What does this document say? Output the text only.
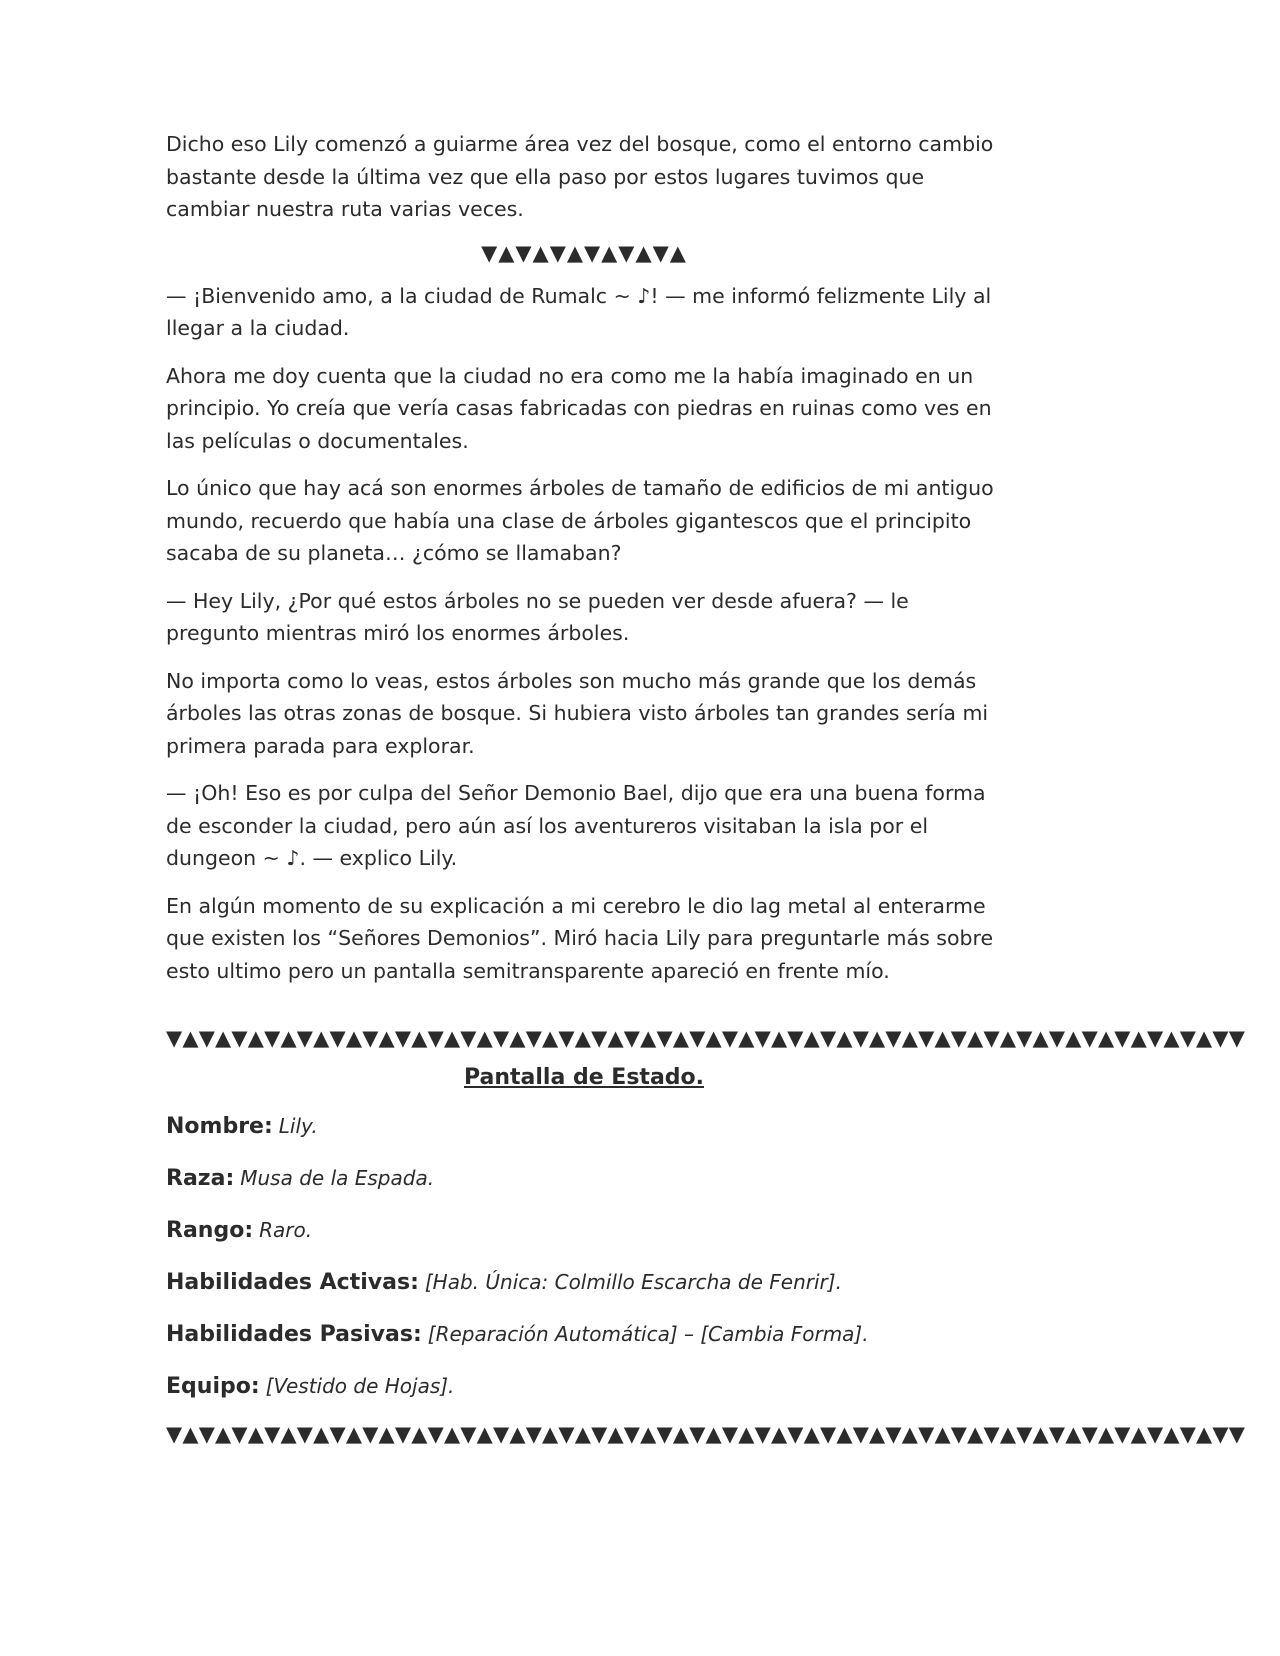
Dicho eso Lily comenzó a guiarme área vez del bosque, como el entorno cambio bastante desde la última vez que ella paso por estos lugares tuvimos que cambiar nuestra ruta varias veces.

▼▲▼▲▼▲▼▲▼▲▼▲

— ¡Bienvenido amo, a la ciudad de Rumalc ~ ♪! — me informó felizmente Lily al llegar a la ciudad.

Ahora me doy cuenta que la ciudad no era como me la había imaginado en un principio. Yo creía que vería casas fabricadas con piedras en ruinas como ves en las películas o documentales.

Lo único que hay acá son enormes árboles de tamaño de edificios de mi antiguo mundo, recuerdo que había una clase de árboles gigantescos que el principito sacaba de su planeta… ¿cómo se llamaban?

— Hey Lily, ¿Por qué estos árboles no se pueden ver desde afuera? — le pregunto mientras miró los enormes árboles.

No importa como lo veas, estos árboles son mucho más grande que los demás árboles las otras zonas de bosque. Si hubiera visto árboles tan grandes sería mi primera parada para explorar.

— ¡Oh! Eso es por culpa del Señor Demonio Bael, dijo que era una buena forma de esconder la ciudad, pero aún así los aventureros visitaban la isla por el dungeon ~ ♪. — explico Lily.

En algún momento de su explicación a mi cerebro le dio lag metal al enterarme que existen los “Señores Demonios”. Miró hacia Lily para preguntarle más sobre esto ultimo pero un pantalla semitransparente apareció en frente mío.

▼▲▼▲▼▲▼▲▼▲▼▲▼▲▼▲▼▲▼▲▼▲▼▲▼▲▼▲▼▲▼▲▼▲▼▲▼▲▼▲▼▲▼▲▼▲▼▲▼▲▼▲▼▲▼▲▼▲▼▲▼▲▼▲▼▼
Pantalla de Estado.
Nombre: Lily.
Raza: Musa de la Espada.
Rango: Raro.
Habilidades Activas: [Hab. Única: Colmillo Escarcha de Fenrir].
Habilidades Pasivas: [Reparación Automática] – [Cambia Forma].
Equipo: [Vestido de Hojas].
▼▲▼▲▼▲▼▲▼▲▼▲▼▲▼▲▼▲▼▲▼▲▼▲▼▲▼▲▼▲▼▲▼▲▼▲▼▲▼▲▼▲▼▲▼▲▼▲▼▲▼▲▼▲▼▲▼▲▼▲▼▲▼▲▼▼
